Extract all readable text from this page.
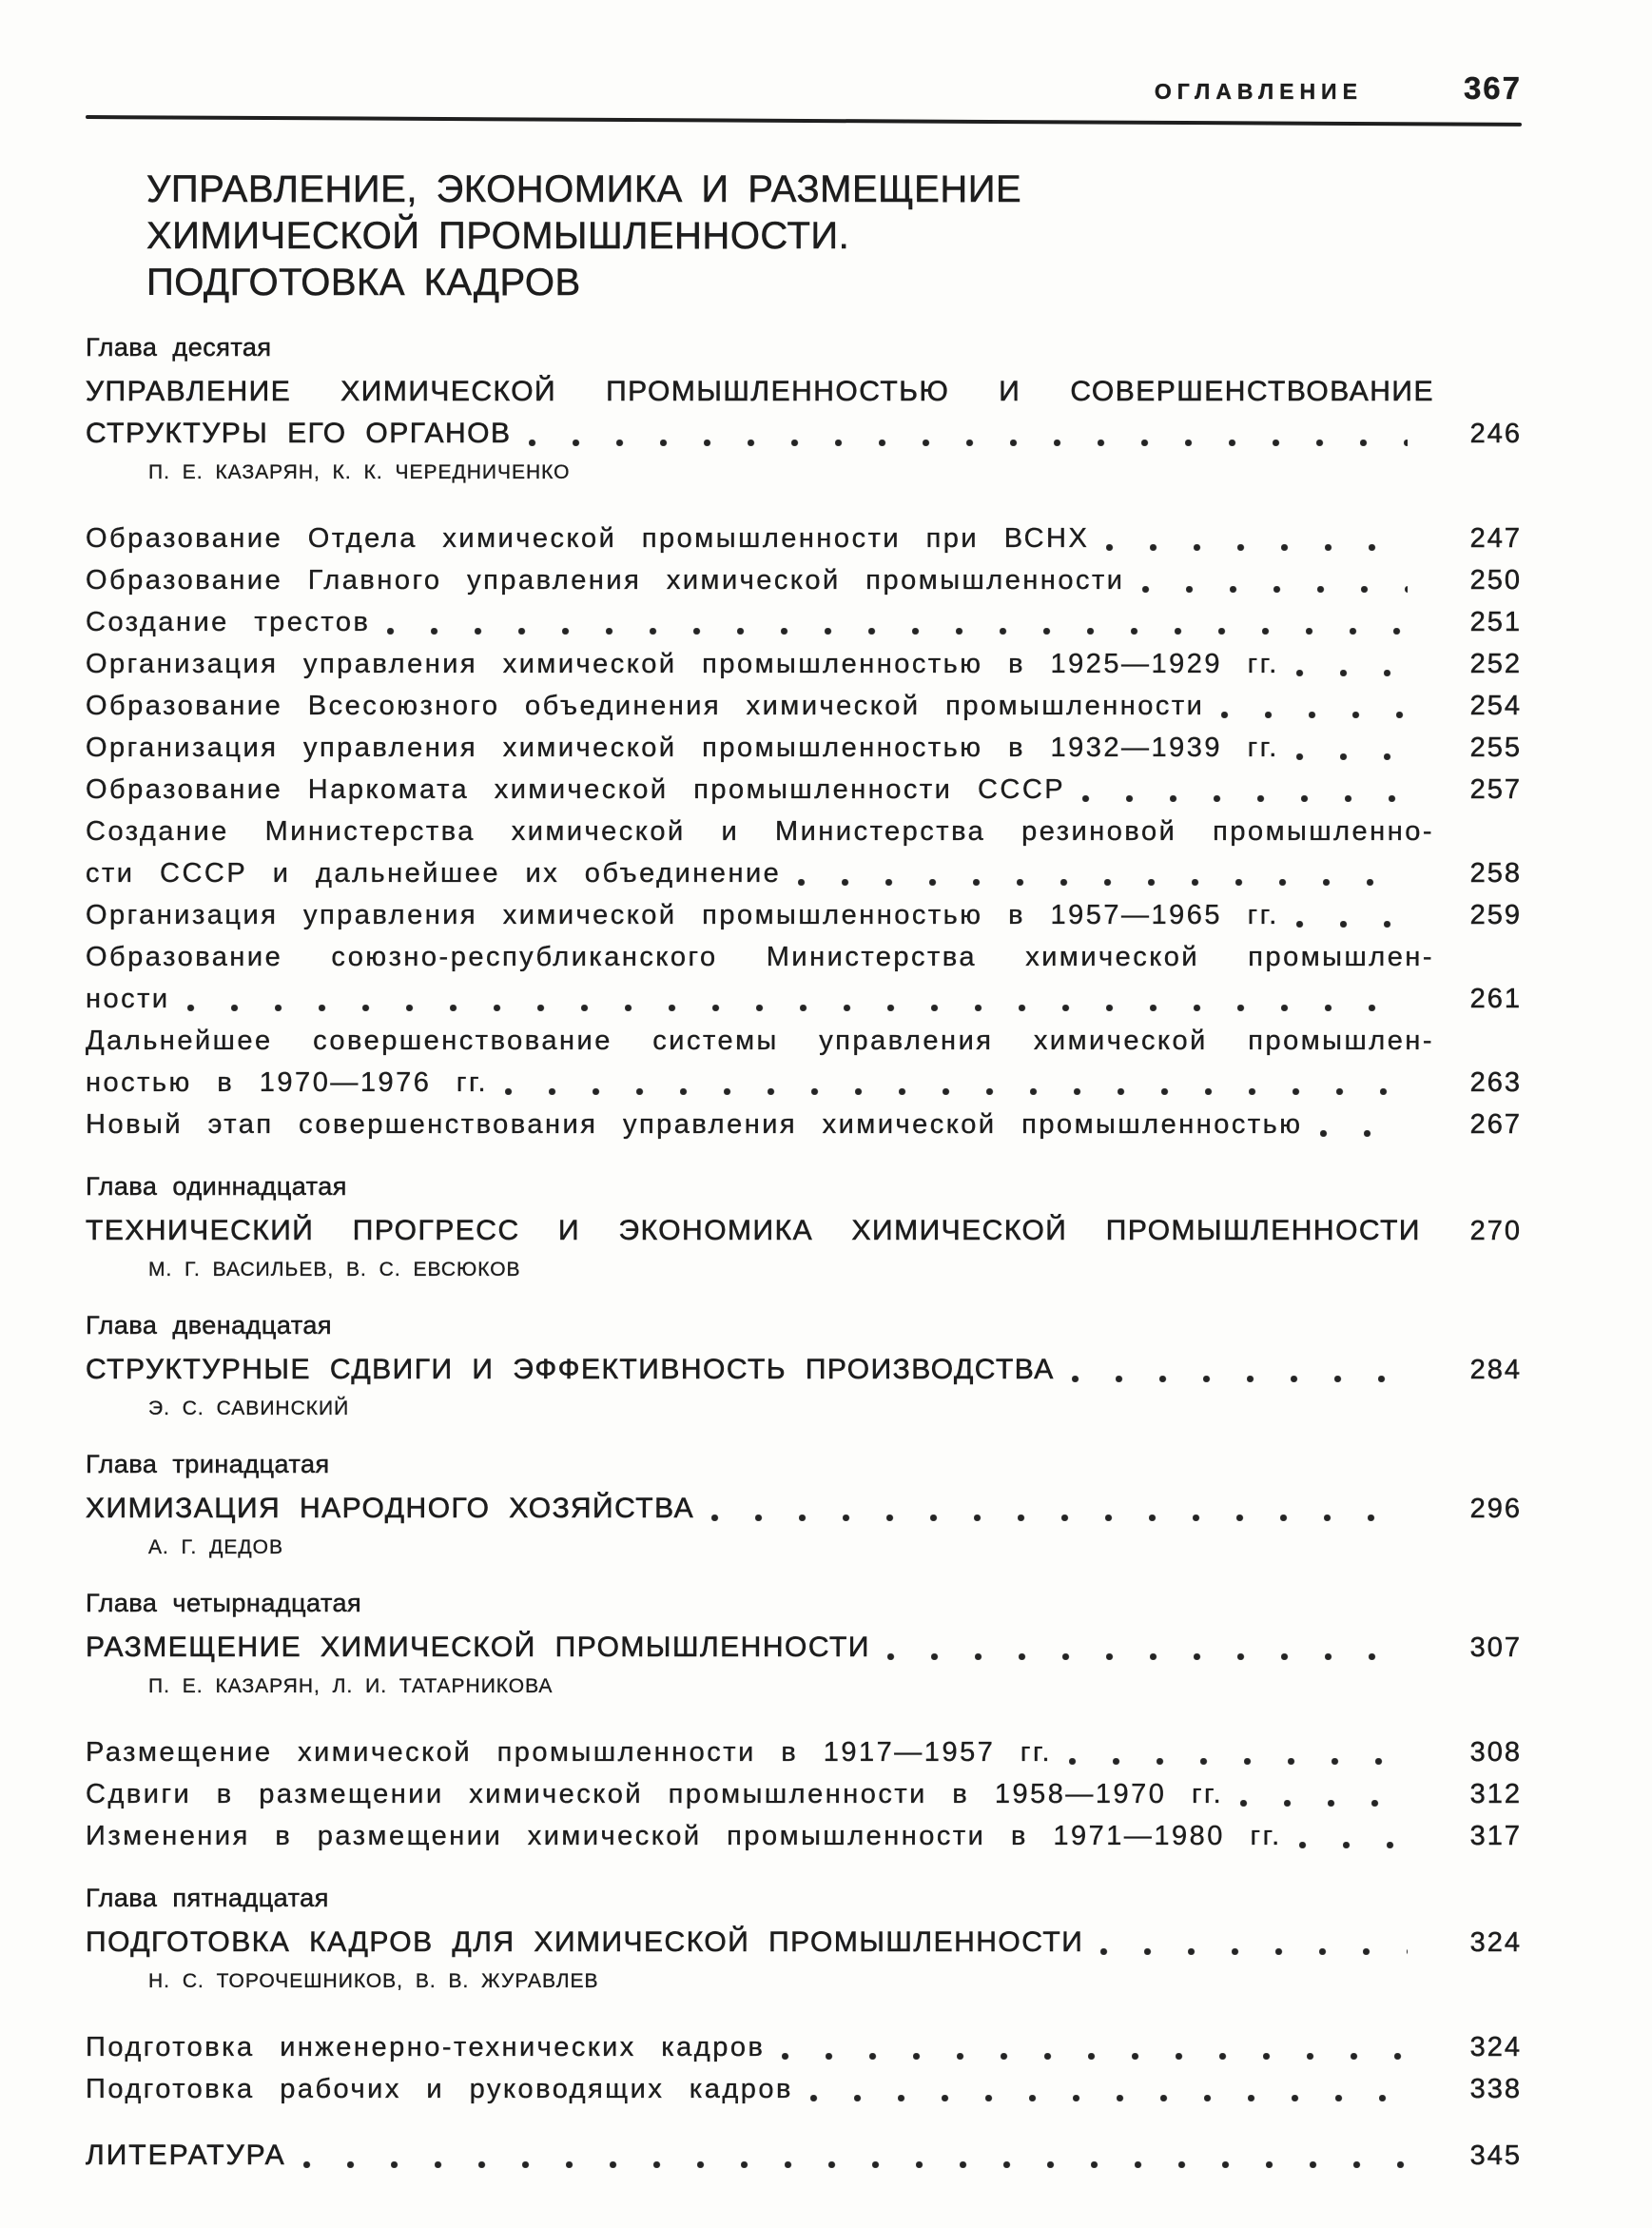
ОГЛАВЛЕНИЕ	367
УПРАВЛЕНИЕ, ЭКОНОМИКА И РАЗМЕЩЕНИЕ
ХИМИЧЕСКОЙ ПРОМЫШЛЕННОСТИ.
ПОДГОТОВКА КАДРОВ
Глава десятая
УПРАВЛЕНИЕ ХИМИЧЕСКОЙ ПРОМЫШЛЕННОСТЬЮ И СОВЕРШЕНСТВОВАНИЕ
СТРУКТУРЫ ЕГО ОРГАНОВ	246
П. Е. КАЗАРЯН, К. К. ЧЕРЕДНИЧЕНКО
Образование Отдела химической промышленности при ВСНХ	247
Образование Главного управления химической промышленности	250
Создание трестов	251
Организация управления химической промышленностью в 1925—1929 гг.	252
Образование Всесоюзного объединения химической промышленности	254
Организация управления химической промышленностью в 1932—1939 гг.	255
Образование Наркомата химической промышленности СССР	257
Создание Министерства химической и Министерства резиновой промышленно-
сти СССР и дальнейшее их объединение	258
Организация управления химической промышленностью в 1957—1965 гг.	259
Образование союзно-республиканского Министерства химической промышлен-
ности	261
Дальнейшее совершенствование системы управления химической промышлен-
ностью в 1970—1976 гг.	263
Новый этап совершенствования управления химической промышленностью	267
Глава одиннадцатая
ТЕХНИЧЕСКИЙ ПРОГРЕСС И ЭКОНОМИКА ХИМИЧЕСКОЙ ПРОМЫШЛЕННОСТИ	270
М. Г. ВАСИЛЬЕВ, В. С. ЕВСЮКОВ
Глава двенадцатая
СТРУКТУРНЫЕ СДВИГИ И ЭФФЕКТИВНОСТЬ ПРОИЗВОДСТВА	284
Э. С. САВИНСКИЙ
Глава тринадцатая
ХИМИЗАЦИЯ НАРОДНОГО ХОЗЯЙСТВА	296
А. Г. ДЕДОВ
Глава четырнадцатая
РАЗМЕЩЕНИЕ ХИМИЧЕСКОЙ ПРОМЫШЛЕННОСТИ	307
П. Е. КАЗАРЯН, Л. И. ТАТАРНИКОВА
Размещение химической промышленности в 1917—1957 гг.	308
Сдвиги в размещении химической промышленности в 1958—1970 гг.	312
Изменения в размещении химической промышленности в 1971—1980 гг.	317
Глава пятнадцатая
ПОДГОТОВКА КАДРОВ ДЛЯ ХИМИЧЕСКОЙ ПРОМЫШЛЕННОСТИ	324
Н. С. ТОРОЧЕШНИКОВ, В. В. ЖУРАВЛЕВ
Подготовка инженерно-технических кадров	324
Подготовка рабочих и руководящих кадров	338
ЛИТЕРАТУРА	345
